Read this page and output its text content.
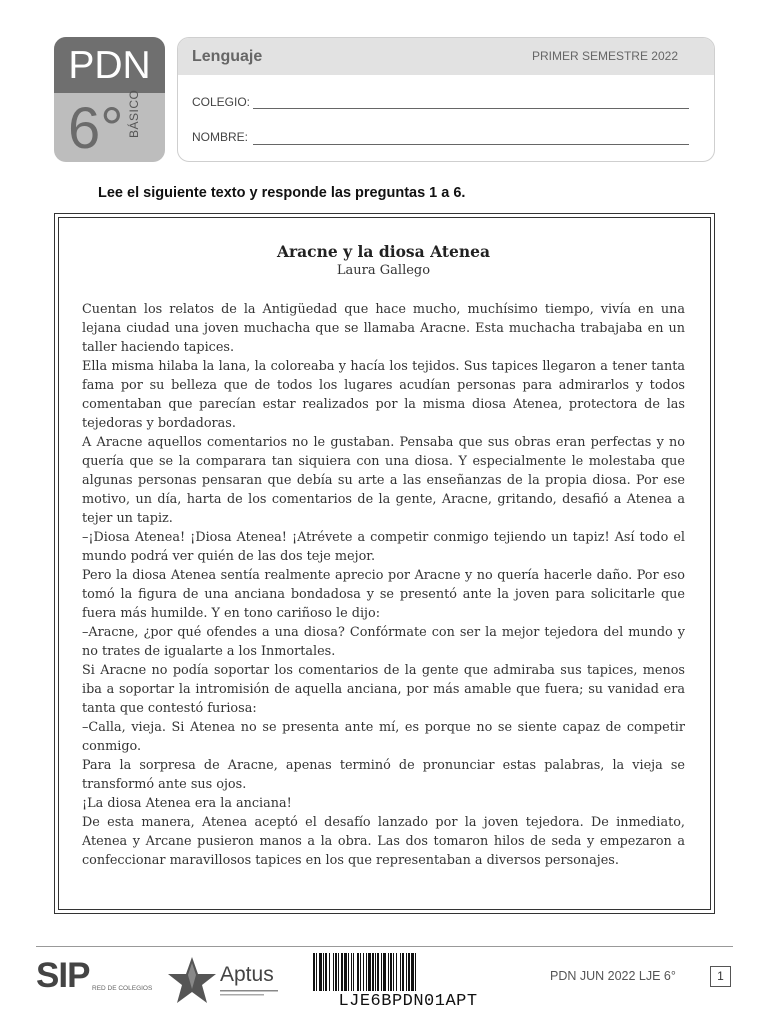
PDN
6° BÁSICO
Lenguaje	PRIMER SEMESTRE 2022
COLEGIO:
NOMBRE:
Lee el siguiente texto y responde las preguntas 1 a 6.
Aracne y la diosa Atenea
Laura Gallego

Cuentan los relatos de la Antigüedad que hace mucho, muchísimo tiempo, vivía en una lejana ciudad una joven muchacha que se llamaba Aracne. Esta muchacha trabajaba en un taller haciendo tapices.

Ella misma hilaba la lana, la coloreaba y hacía los tejidos. Sus tapices llegaron a tener tanta fama por su belleza que de todos los lugares acudían personas para admirarlos y todos comentaban que parecían estar realizados por la misma diosa Atenea, protectora de las tejedoras y bordadoras.

A Aracne aquellos comentarios no le gustaban. Pensaba que sus obras eran perfectas y no quería que se la comparara tan siquiera con una diosa. Y especialmente le molestaba que algunas personas pensaran que debía su arte a las enseñanzas de la propia diosa. Por ese motivo, un día, harta de los comentarios de la gente, Aracne, gritando, desafió a Atenea a tejer un tapiz.

–¡Diosa Atenea! ¡Diosa Atenea! ¡Atrévete a competir conmigo tejiendo un tapiz! Así todo el mundo podrá ver quién de las dos teje mejor.

Pero la diosa Atenea sentía realmente aprecio por Aracne y no quería hacerle daño. Por eso tomó la figura de una anciana bondadosa y se presentó ante la joven para solicitarle que fuera más humilde. Y en tono cariñoso le dijo:

–Aracne, ¿por qué ofendes a una diosa? Confórmate con ser la mejor tejedora del mundo y no trates de igualarte a los Inmortales.

Si Aracne no podía soportar los comentarios de la gente que admiraba sus tapices, menos iba a soportar la intromisión de aquella anciana, por más amable que fuera; su vanidad era tanta que contestó furiosa:

–Calla, vieja. Si Atenea no se presenta ante mí, es porque no se siente capaz de competir conmigo.

Para la sorpresa de Aracne, apenas terminó de pronunciar estas palabras, la vieja se transformó ante sus ojos.

¡La diosa Atenea era la anciana!

De esta manera, Atenea aceptó el desafío lanzado por la joven tejedora. De inmediato, Atenea y Arcane pusieron manos a la obra. Las dos tomaron hilos de seda y empezaron a confeccionar maravillosos tapices en los que representaban a diversos personajes.

SIP RED DE COLEGIOS
Aptus
LJE6BPDN01APT
PDN JUN 2022 LJE 6°	1
